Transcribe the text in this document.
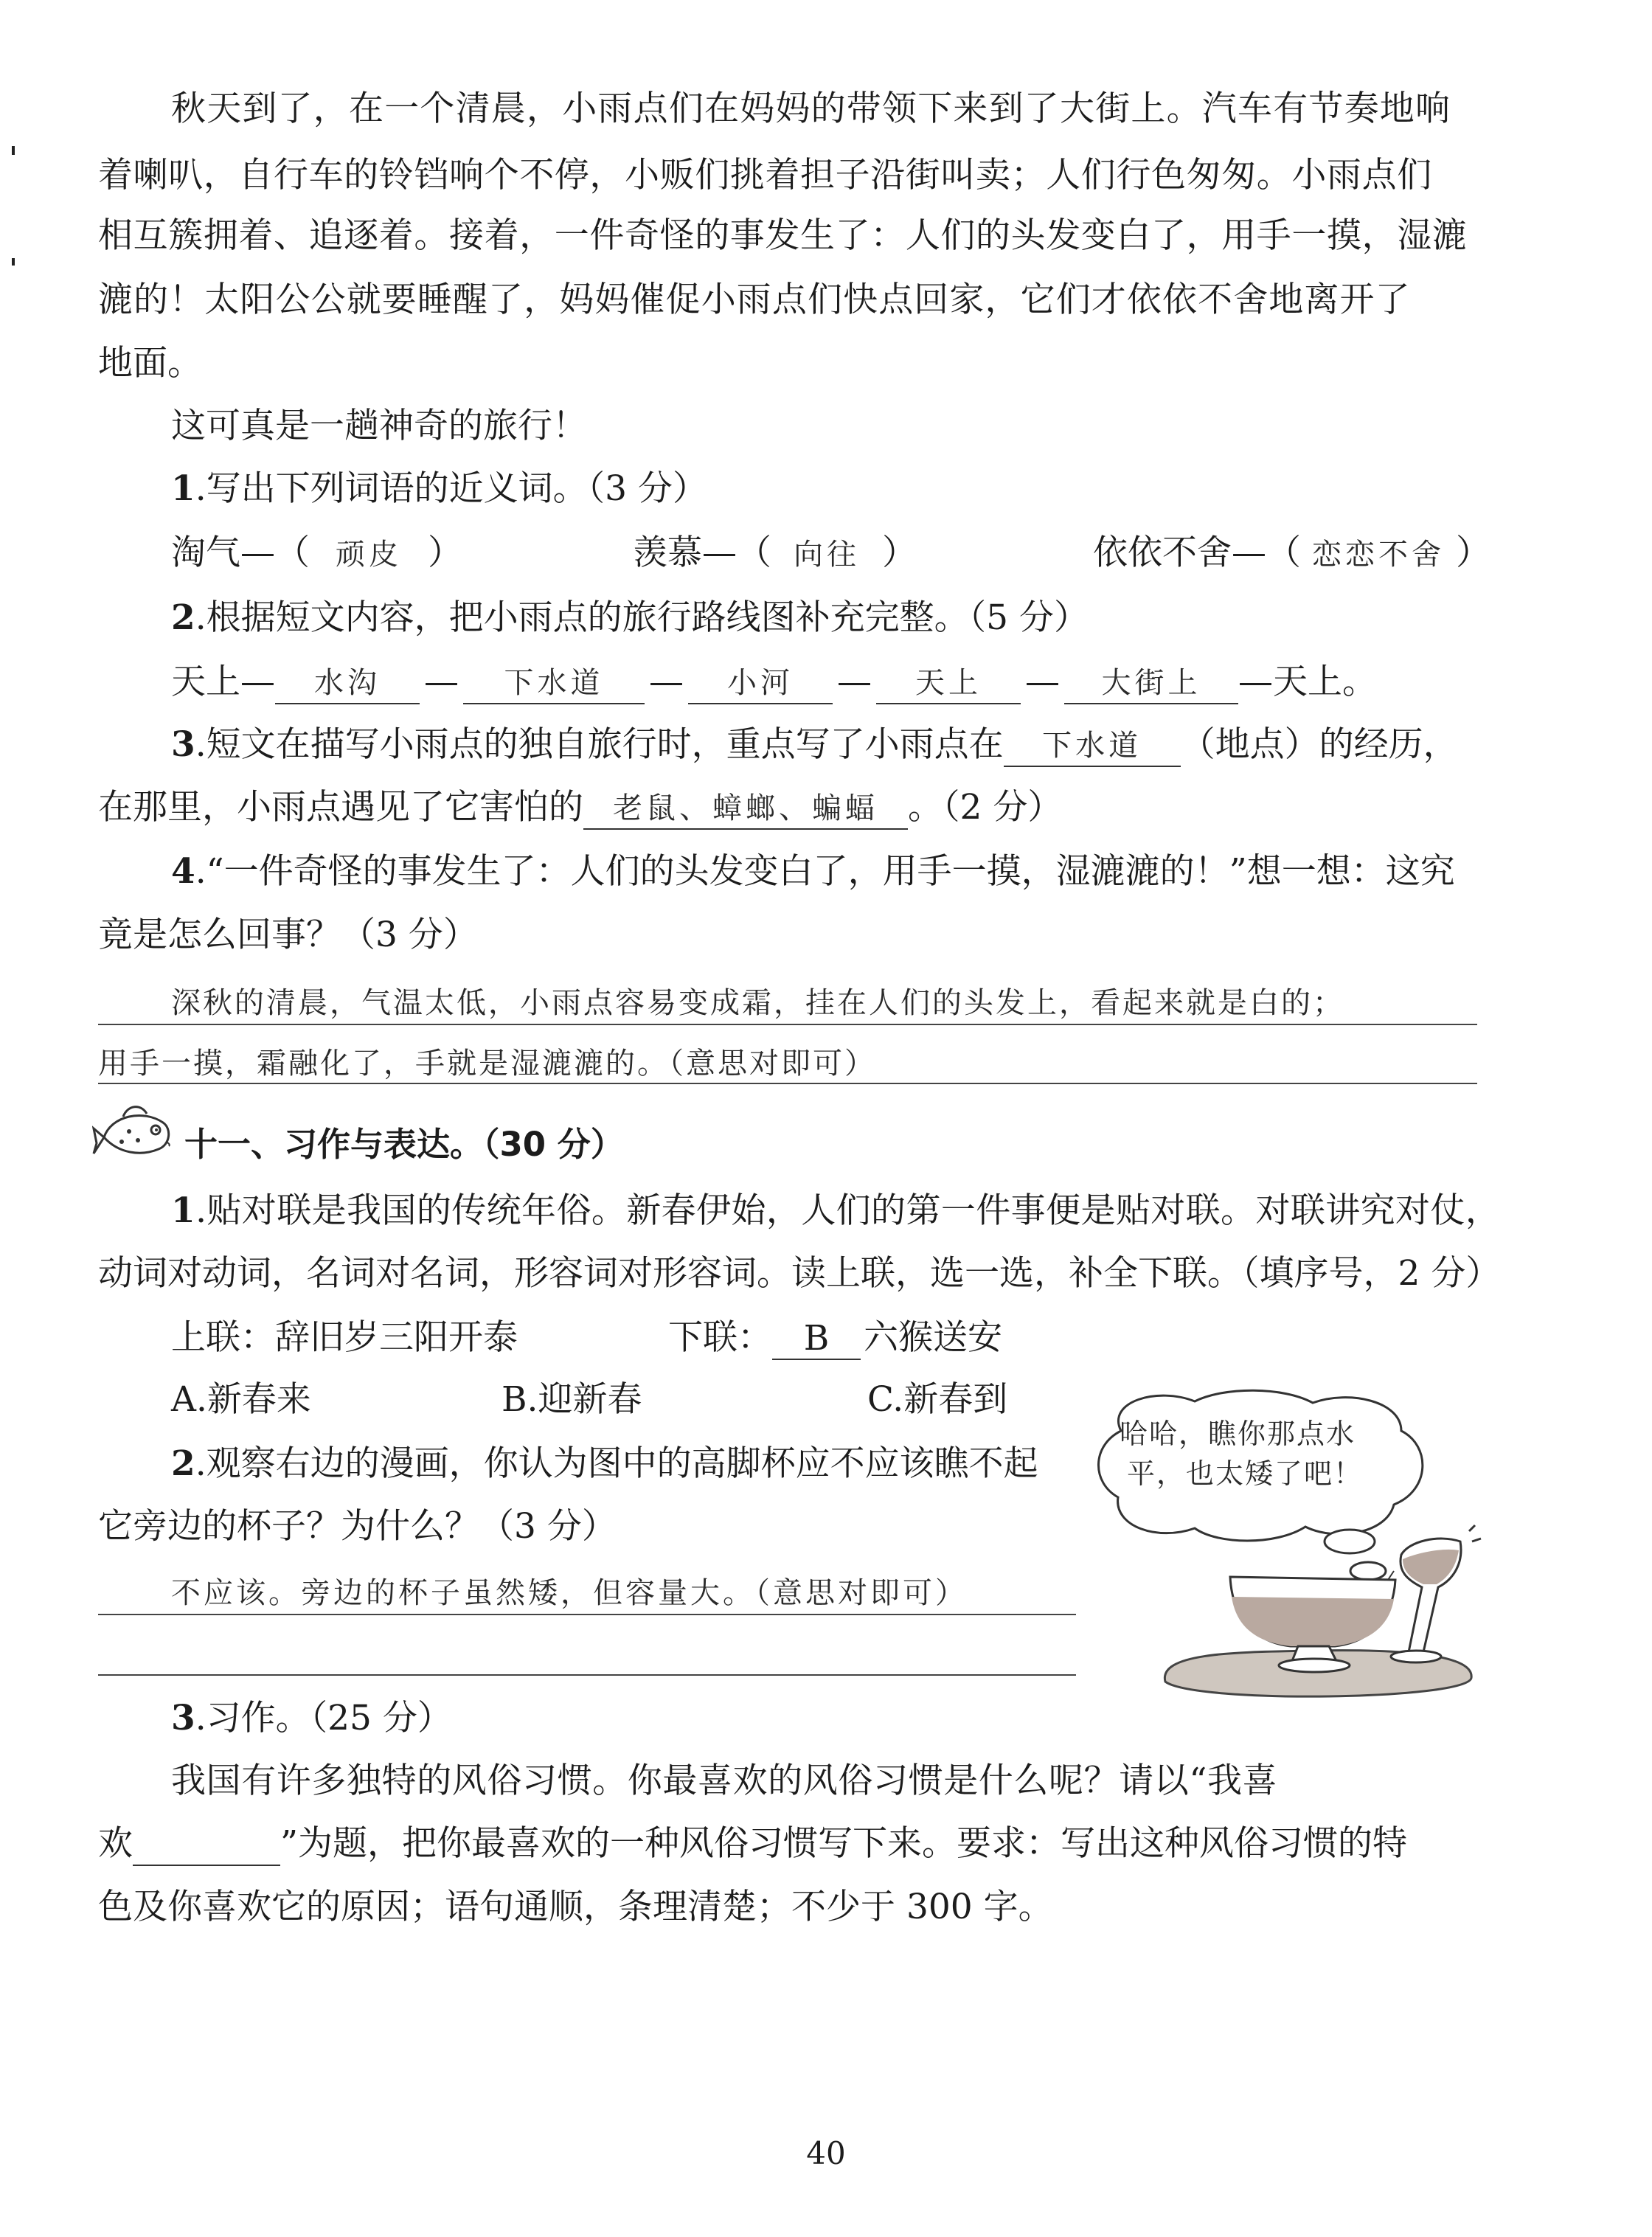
秋天到了，在一个清晨，小雨点们在妈妈的带领下来到了大街上。汽车有节奏地响
着喇叭，自行车的铃铛响个不停，小贩们挑着担子沿街叫卖；人们行色匆匆。小雨点们
相互簇拥着、追逐着。接着，一件奇怪的事发生了：人们的头发变白了，用手一摸，湿漉
漉的！太阳公公就要睡醒了，妈妈催促小雨点们快点回家，它们才依依不舍地离开了
地面。
这可真是一趟神奇的旅行！
1.写出下列词语的近义词。（3 分）
淘气—（ 顽皮 ）	羡慕—（ 向往 ）	依依不舍—（ 恋恋不舍 ）
2.根据短文内容，把小雨点的旅行路线图补充完整。（5 分）
天上— 水沟 — 下水道 — 小河 — 天上 — 大街上 —天上。
3.短文在描写小雨点的独自旅行时，重点写了小雨点在 下水道 （地点）的经历，
在那里，小雨点遇见了它害怕的 老鼠、蟑螂、蝙蝠 。（2 分）
4.“一件奇怪的事发生了：人们的头发变白了，用手一摸，湿漉漉的！”想一想：这究
竟是怎么回事？（3 分）
深秋的清晨，气温太低，小雨点容易变成霜，挂在人们的头发上，看起来就是白的；
用手一摸，霜融化了，手就是湿漉漉的。（意思对即可）
十一、习作与表达。（30 分）
1.贴对联是我国的传统年俗。新春伊始，人们的第一件事便是贴对联。对联讲究对仗，
动词对动词，名词对名词，形容词对形容词。读上联，选一选，补全下联。（填序号，2 分）
上联：辞旧岁三阳开泰	下联： B 六猴送安
A.新春来	B.迎新春	C.新春到
2.观察右边的漫画，你认为图中的高脚杯应不应该瞧不起
它旁边的杯子？为什么？（3 分）
不应该。旁边的杯子虽然矮，但容量大。（意思对即可）
哈哈，瞧你那点水
平，也太矮了吧！
3.习作。（25 分）
我国有许多独特的风俗习惯。你最喜欢的风俗习惯是什么呢？请以“我喜
欢	”为题，把你最喜欢的一种风俗习惯写下来。要求：写出这种风俗习惯的特
色及你喜欢它的原因；语句通顺，条理清楚；不少于 300 字。
40
